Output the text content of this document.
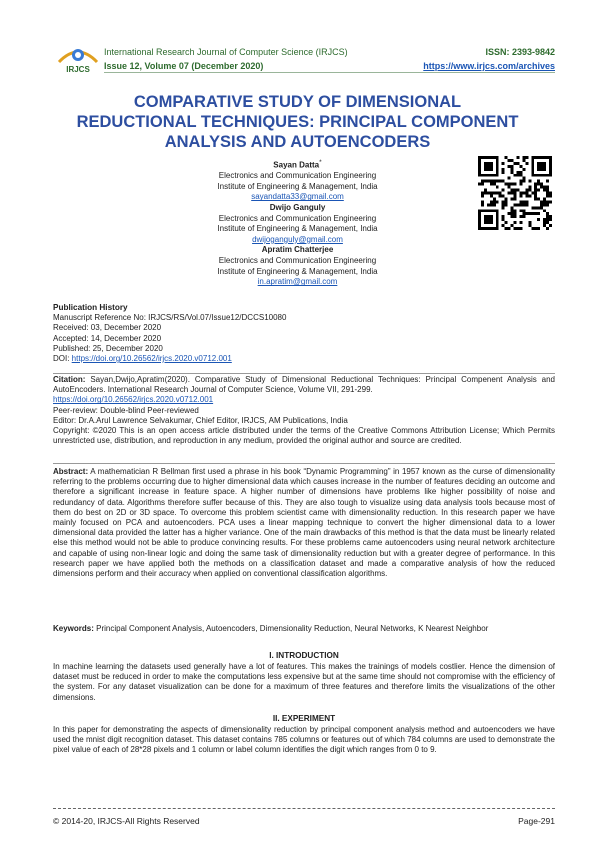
IRJCS
International Research Journal of Computer Science (IRJCS)
Issue 12, Volume 07 (December 2020)
ISSN: 2393-9842
https://www.irjcs.com/archives
COMPARATIVE STUDY OF DIMENSIONAL
REDUCTIONAL TECHNIQUES: PRINCIPAL COMPONENT
ANALYSIS AND AUTOENCODERS
Sayan Datta*
Electronics and Communication Engineering
Institute of Engineering & Management, India
sayandatta33@gmail.com
Dwijo Ganguly
Electronics and Communication Engineering
Institute of Engineering & Management, India
dwijoganguly@gmail.com
Apratim Chatterjee
Electronics and Communication Engineering
Institute of Engineering & Management, India
in.apratim@gmail.com
Publication History
Manuscript Reference No: IRJCS/RS/Vol.07/Issue12/DCCS10080
Received: 03, December 2020
Accepted: 14, December 2020
Published: 25, December 2020
DOI: https://doi.org/10.26562/irjcs.2020.v0712.001
Citation: Sayan,Dwijo,Apratim(2020). Comparative Study of Dimensional Reductional Techniques: Principal Compenent Analysis and AutoEncoders. International Research Journal of Computer Science, Volume VII, 291-299.
https://doi.org/10.26562/irjcs.2020.v0712.001
Peer-review: Double-blind Peer-reviewed
Editor: Dr.A.Arul Lawrence Selvakumar, Chief Editor, IRJCS, AM Publications, India
Copyright: ©2020 This is an open access article distributed under the terms of the Creative Commons Attribution License; Which Permits unrestricted use, distribution, and reproduction in any medium, provided the original author and source are credited.
Abstract: A mathematician R Bellman first used a phrase in his book “Dynamic Programming” in 1957 known as the curse of dimensionality referring to the problems occurring due to higher dimensional data which causes increase in the number of features deciding an outcome and therefore a significant increase in feature space. A higher number of dimensions have problems like higher possibility of noise and redundancy of data. Algorithms therefore suffer because of this. They are also tough to visualize using data analysis tools because most of them do best on 2D or 3D space. To overcome this problem scientist came with dimensionality reduction. In this research paper we have mainly focused on PCA and autoencoders. PCA uses a linear mapping technique to convert the higher dimensional data to a lower dimensional data provided the latter has a higher variance. One of the main drawbacks of this method is that the data must be linearly related else this method would not be able to produce convincing results. For these problems came autoencoders using neural network architecture and capable of using non-linear logic and doing the same task of dimensionality reduction but with a greater degree of performance. In this research paper we have applied both the methods on a classification dataset and made a comparative analysis of how the reduced dimensions perform and their accuracy when applied on conventional classification algorithms.
Keywords: Principal Component Analysis, Autoencoders, Dimensionality Reduction, Neural Networks, K Nearest Neighbor
I. INTRODUCTION
In machine learning the datasets used generally have a lot of features. This makes the trainings of models costlier. Hence the dimension of dataset must be reduced in order to make the computations less expensive but at the same time should not compromise with the efficiency of the system. For any dataset visualization can be done for a maximum of three features and therefore limits the visualizations of the other dimensions.
II. EXPERIMENT
In this paper for demonstrating the aspects of dimensionality reduction by principal component analysis method and autoencoders we have used the mnist digit recognition dataset. This dataset contains 785 columns or features out of which 784 columns are used to demonstrate the pixel value of each of 28*28 pixels and 1 column or label column identifies the digit which ranges from 0 to 9.
© 2014-20, IRJCS-All Rights Reserved	Page-291
